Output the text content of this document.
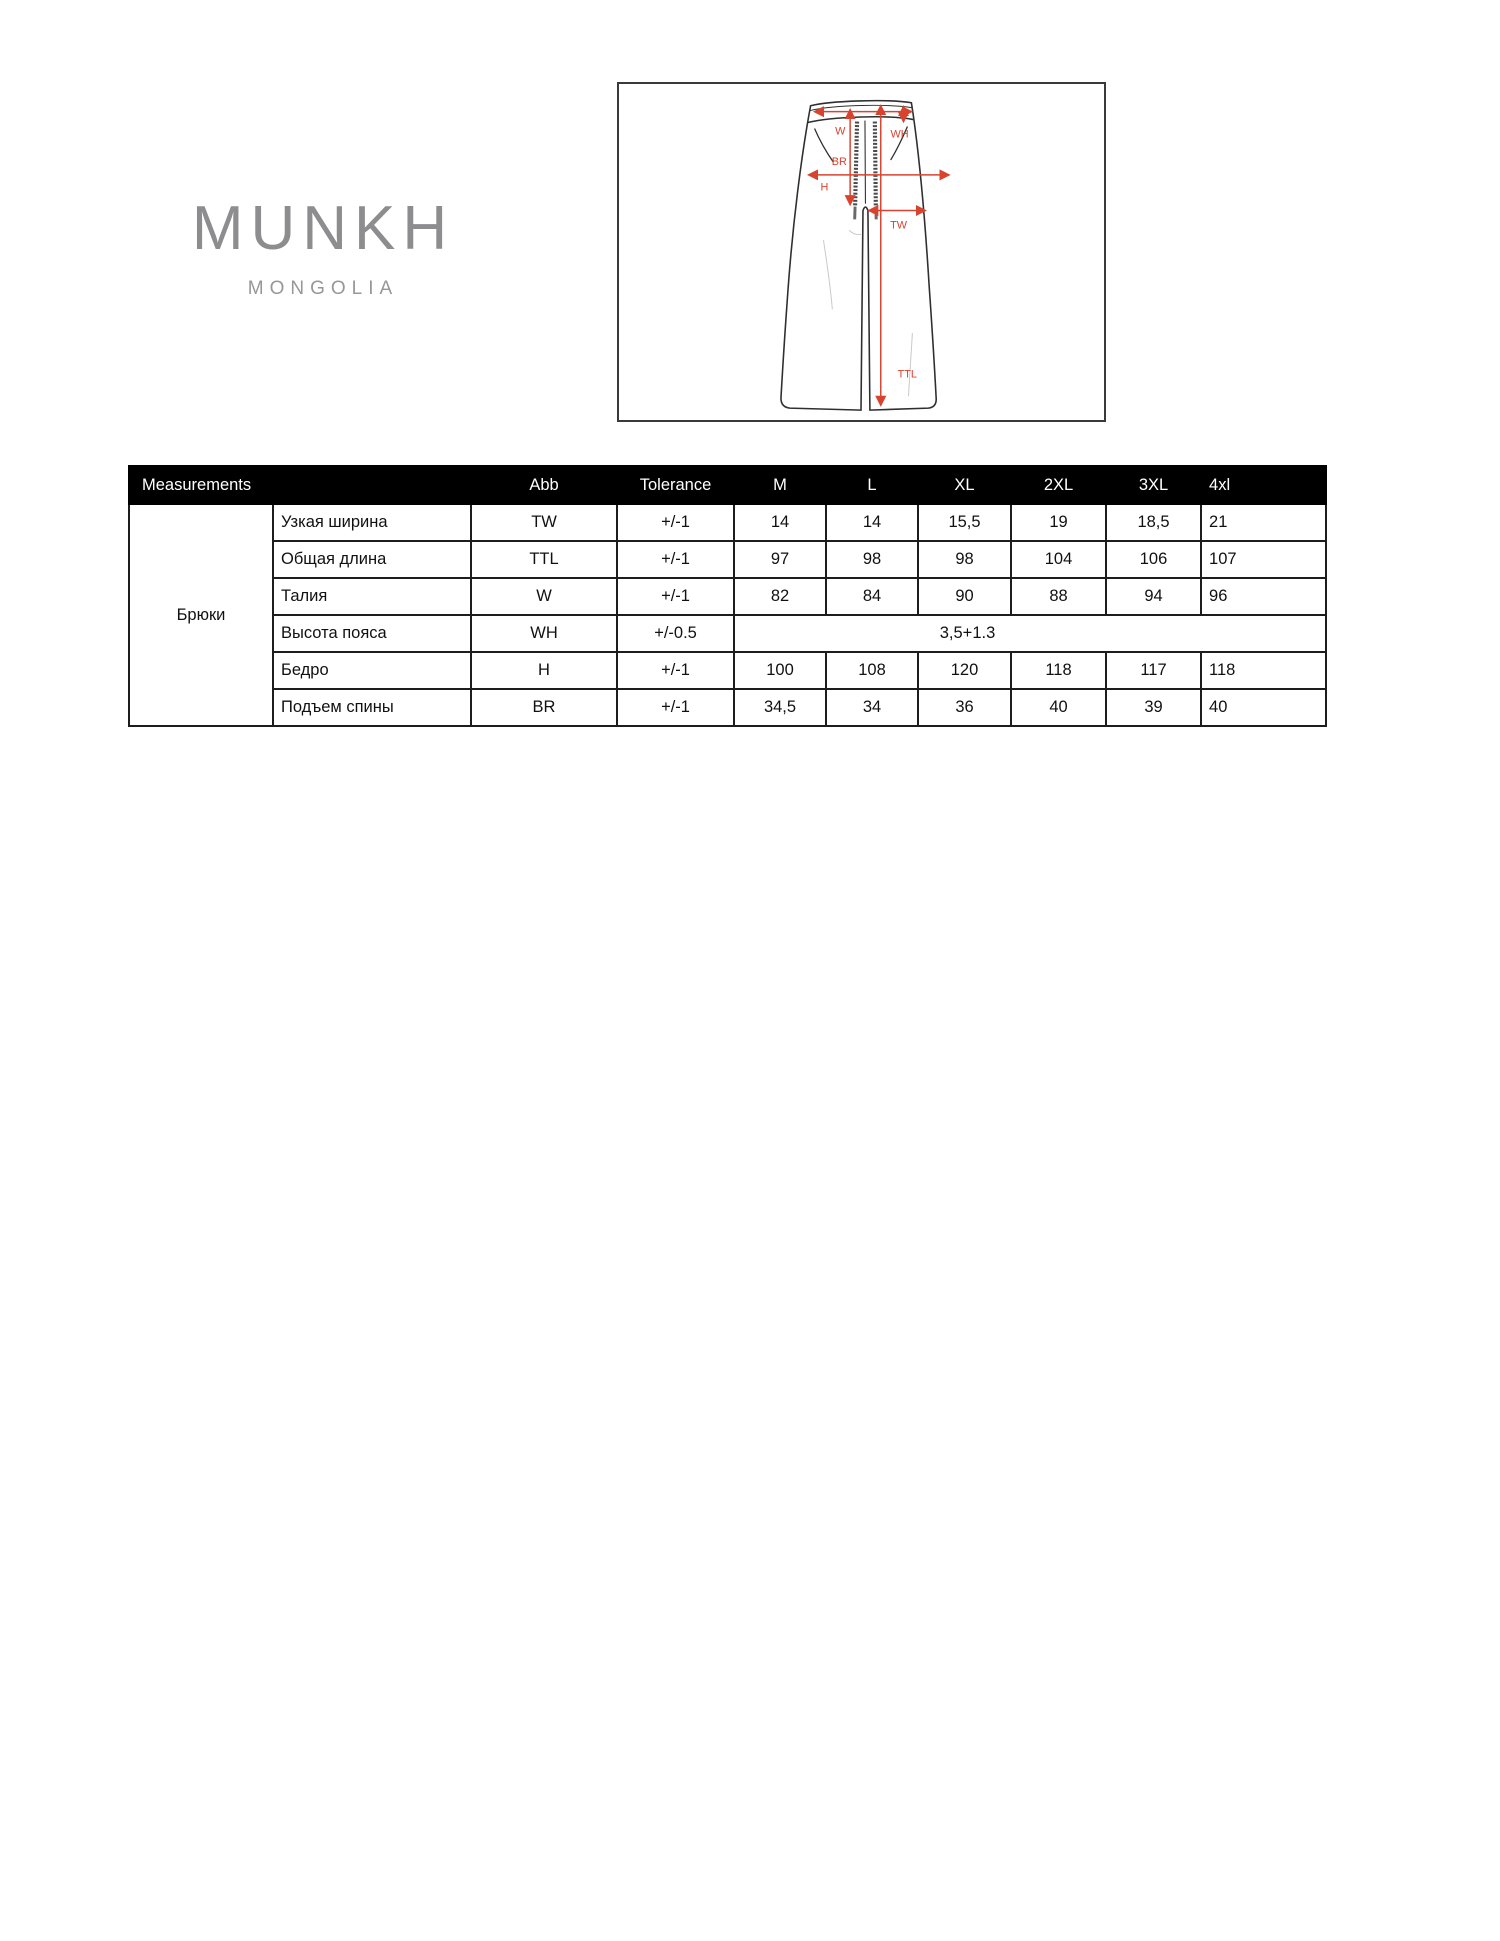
MUNKH
MONGOLIA
W	WH
BR
H
TW
TTL
Measurements		Abb	Tolerance	M	L	XL	2XL	3XL	4xl
Брюки	Узкая ширина	TW	+/-1	14	14	15,5	19	18,5	21
	Общая длина	TTL	+/-1	97	98	98	104	106	107
	Талия	W	+/-1	82	84	90	88	94	96
	Высота пояса	WH	+/-0.5	3,5+1.3					
	Бедро	H	+/-1	100	108	120	118	117	118
	Подъем спины	BR	+/-1	34,5	34	36	40	39	40
